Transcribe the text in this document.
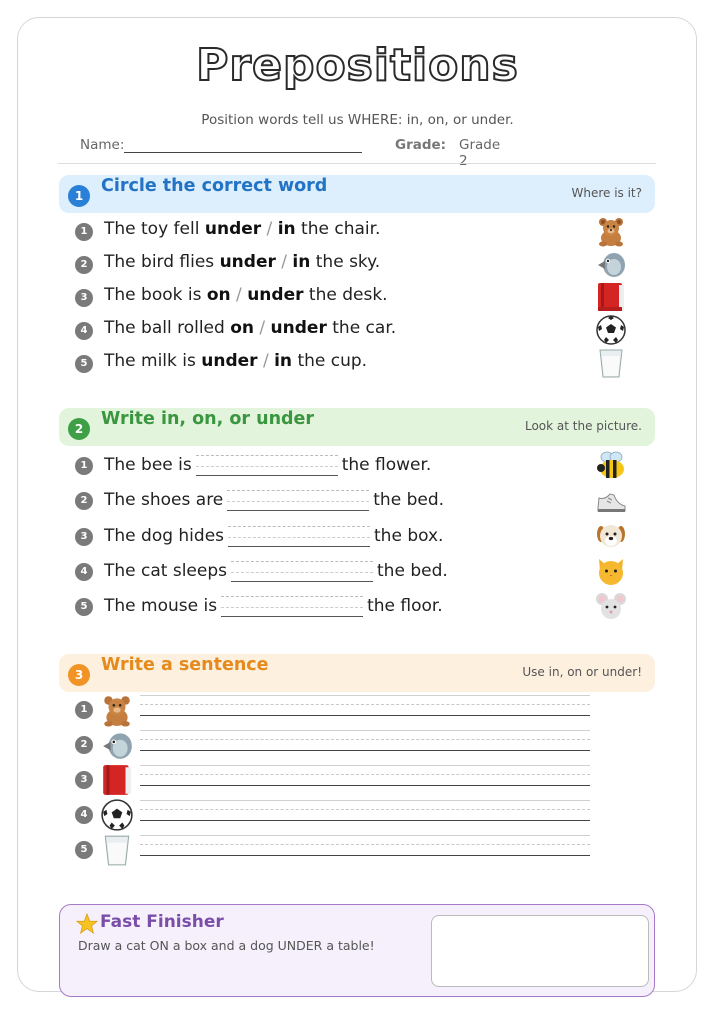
Prepositions
Position words tell us WHERE: in, on, or under.
Name:	Grade: Grade 2
1	Circle the correct word	Where is it?
1 The toy fell under / in the chair.
2 The bird flies under / in the sky.
3 The book is on / under the desk.
4 The ball rolled on / under the car.
5 The milk is under / in the cup.
2	Write in, on, or under	Look at the picture.
1 The bee is	the flower.
2 The shoes are	the bed.
3 The dog hides	the box.
4 The cat sleeps	the bed.
5 The mouse is	the floor.
3	Write a sentence	Use in, on or under!
1
2
3
4
5
Fast Finisher
Draw a cat ON a box and a dog UNDER a table!
